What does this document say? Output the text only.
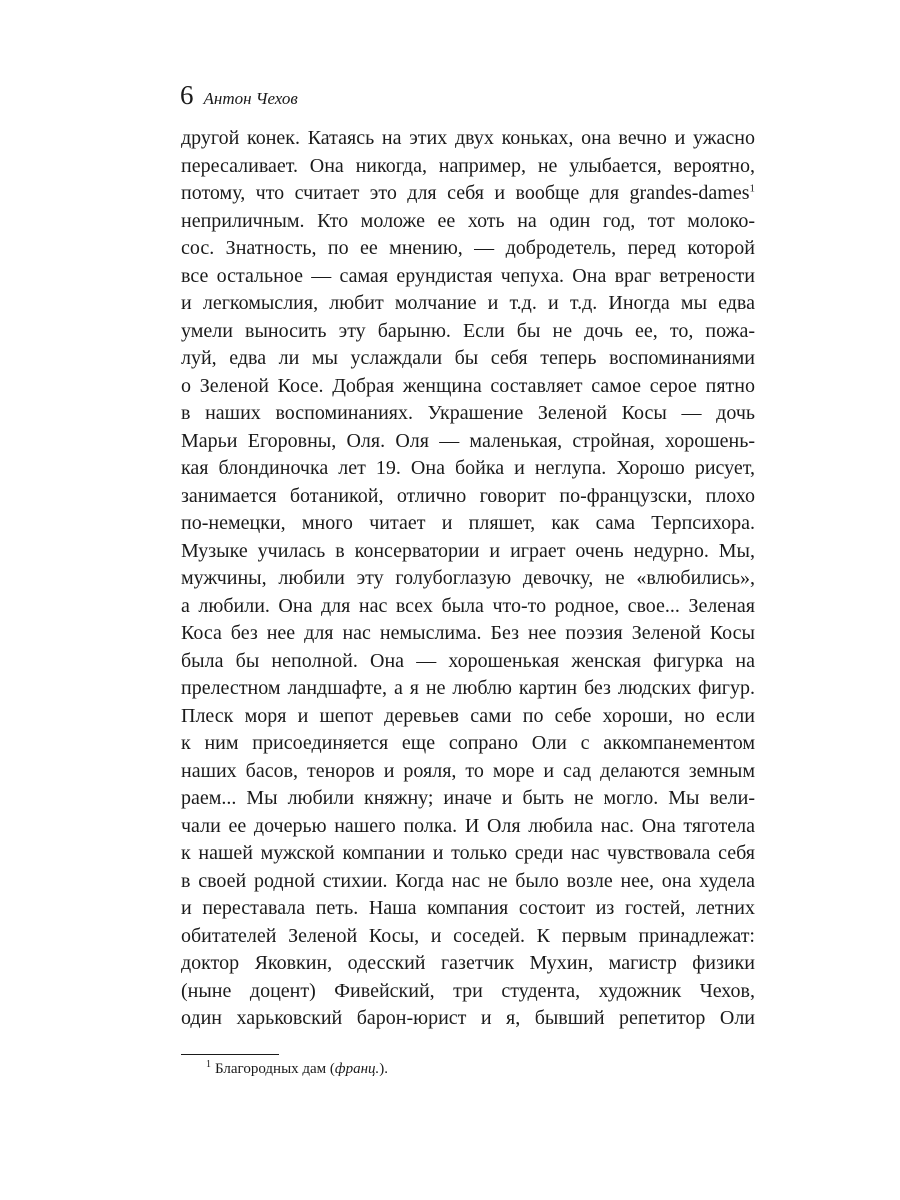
6 Антон Чехов
другой конек. Катаясь на этих двух коньках, она вечно и ужасно
пересаливает. Она никогда, например, не улыбается, вероятно,
потому, что считает это для себя и вообще для grandes-dames$^1$
неприличным. Кто моложе ее хоть на один год, тот молоко-
сос. Знатность, по ее мнению, — добродетель, перед которой
все остальное — самая ерундистая чепуха. Она враг ветрености
и легкомыслия, любит молчание и т.д. и т.д. Иногда мы едва
умели выносить эту барыню. Если бы не дочь ее, то, пожа-
луй, едва ли мы услаждали бы себя теперь воспоминаниями
о Зеленой Косе. Добрая женщина составляет самое серое пятно
в наших воспоминаниях. Украшение Зеленой Косы — дочь
Марьи Егоровны, Оля. Оля — маленькая, стройная, хорошень-
кая блондиночка лет 19. Она бойка и неглупа. Хорошо рисует,
занимается ботаникой, отлично говорит по-французски, плохо
по-немецки, много читает и пляшет, как сама Терпсихора.
Музыке училась в консерватории и играет очень недурно. Мы,
мужчины, любили эту голубоглазую девочку, не «влюбились»,
а любили. Она для нас всех была что-то родное, свое... Зеленая
Коса без нее для нас немыслима. Без нее поэзия Зеленой Косы
была бы неполной. Она — хорошенькая женская фигурка на
прелестном ландшафте, а я не люблю картин без людских фигур.
Плеск моря и шепот деревьев сами по себе хороши, но если
к ним присоединяется еще сопрано Оли с аккомпанементом
наших басов, теноров и рояля, то море и сад делаются земным
раем... Мы любили княжну; иначе и быть не могло. Мы вели-
чали ее дочерью нашего полка. И Оля любила нас. Она тяготела
к нашей мужской компании и только среди нас чувствовала себя
в своей родной стихии. Когда нас не было возле нее, она худела
и переставала петь. Наша компания состоит из гостей, летних
обитателей Зеленой Косы, и соседей. К первым принадлежат:
доктор Яковкин, одесский газетчик Мухин, магистр физики
(ныне доцент) Фивейский, три студента, художник Чехов,
один харьковский барон-юрист и я, бывший репетитор Оли
$^1$ Благородных дам (франц.).
